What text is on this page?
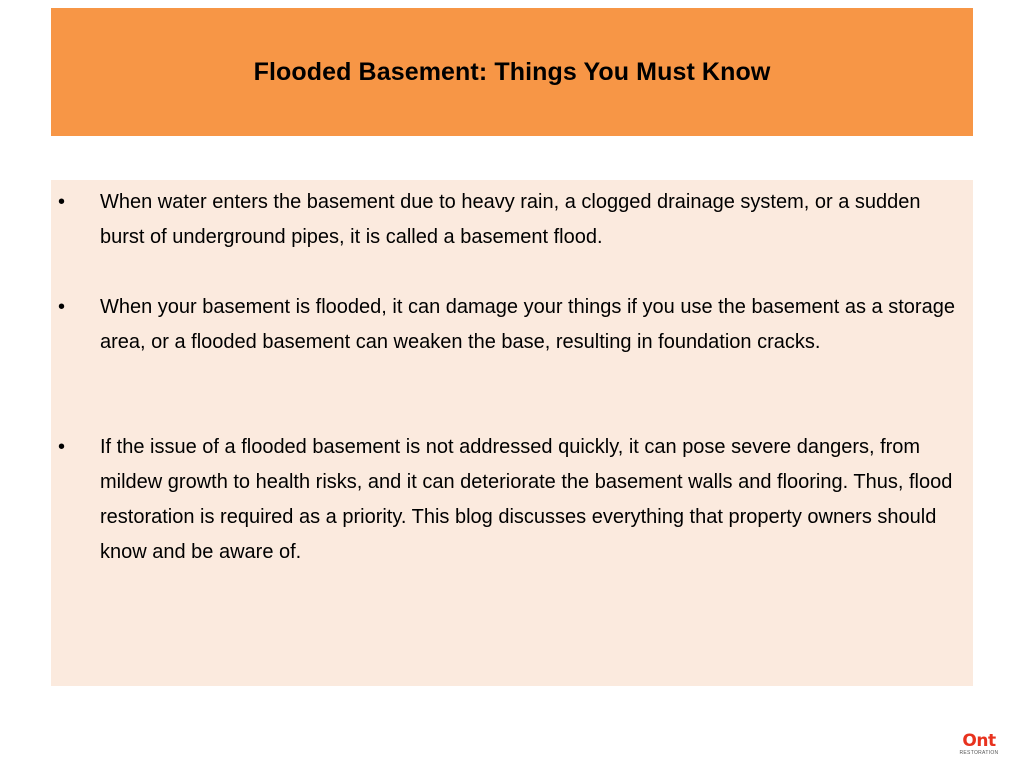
Flooded Basement: Things You Must Know
• When water enters the basement due to heavy rain, a clogged drainage system, or a sudden burst of underground pipes, it is called a basement flood.
• When your basement is flooded, it can damage your things if you use the basement as a storage area, or a flooded basement can weaken the base, resulting in foundation cracks.
• If the issue of a flooded basement is not addressed quickly, it can pose severe dangers, from mildew growth to health risks, and it can deteriorate the basement walls and flooring. Thus, flood restoration is required as a priority. This blog discusses everything that property owners should know and be aware of.
Ont
RESTORATION
